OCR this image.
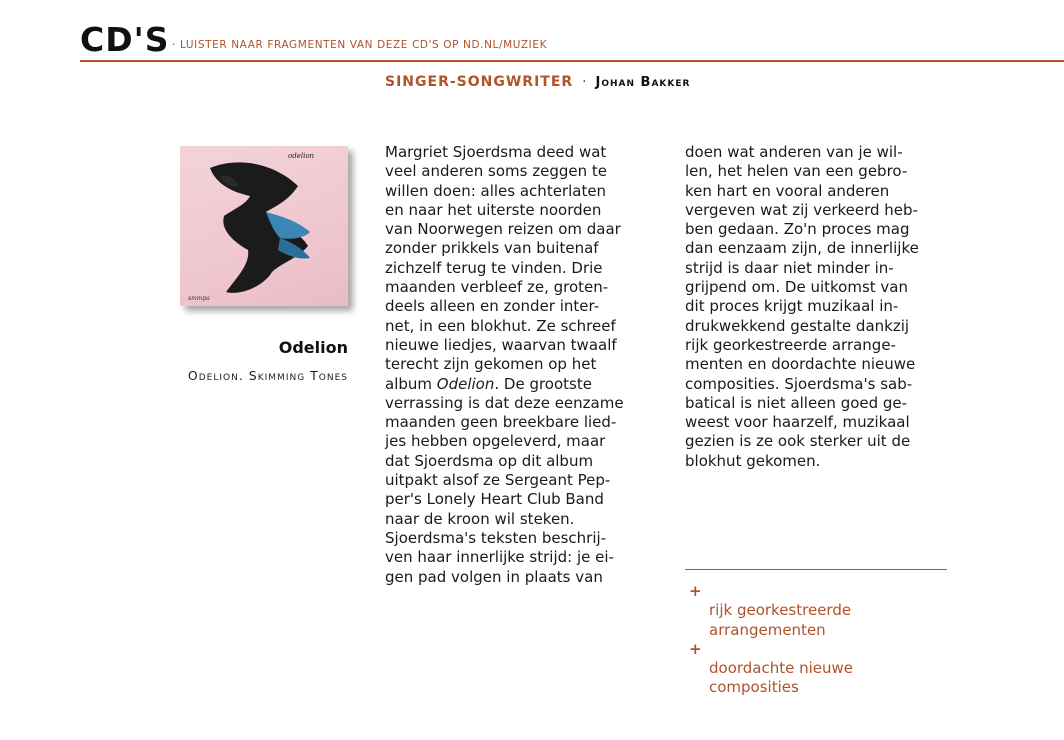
CD'S · LUISTER NAAR FRAGMENTEN VAN DEZE CD'S OP ND.NL/MUZIEK
SINGER-SONGWRITER · Johan Bakker
odelion
smmpa
Odelion
Odelion. Skimming Tones

Margriet Sjoerdsma deed wat
veel anderen soms zeggen te
willen doen: alles achterlaten
en naar het uiterste noorden
van Noorwegen reizen om daar
zonder prikkels van buitenaf
zichzelf terug te vinden. Drie
maanden verbleef ze, groten-
deels alleen en zonder inter-
net, in een blokhut. Ze schreef
nieuwe liedjes, waarvan twaalf
terecht zijn gekomen op het
album Odelion. De grootste
verrassing is dat deze eenzame
maanden geen breekbare lied-
jes hebben opgeleverd, maar
dat Sjoerdsma op dit album
uitpakt alsof ze Sergeant Pep-
per's Lonely Heart Club Band
naar de kroon wil steken.
Sjoerdsma's teksten beschrij-
ven haar innerlijke strijd: je ei-
gen pad volgen in plaats van

doen wat anderen van je wil-
len, het helen van een gebro-
ken hart en vooral anderen
vergeven wat zij verkeerd heb-
ben gedaan. Zo'n proces mag
dan eenzaam zijn, de innerlijke
strijd is daar niet minder in-
grijpend om. De uitkomst van
dit proces krijgt muzikaal in-
drukwekkend gestalte dankzij
rijk georkestreerde arrange-
menten en doordachte nieuwe
composities. Sjoerdsma's sab-
batical is niet alleen goed ge-
weest voor haarzelf, muzikaal
gezien is ze ook sterker uit de
blokhut gekomen.

+
rijk georkestreerde
arrangementen

+
doordachte nieuwe
composities
